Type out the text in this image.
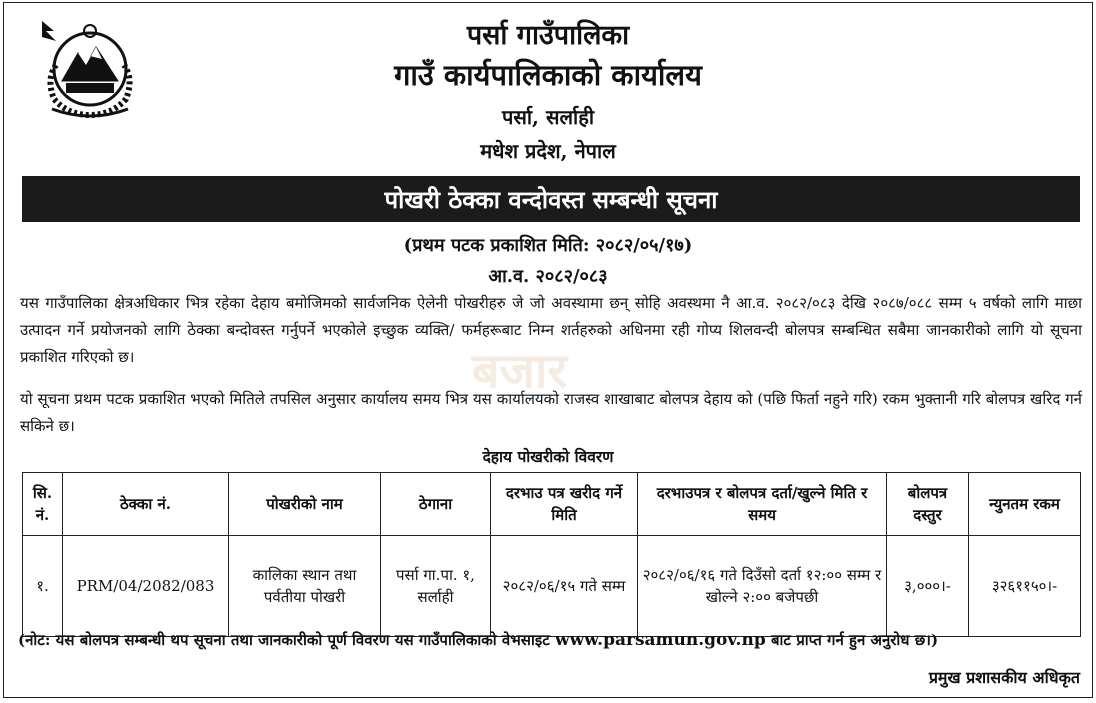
पर्सा गाउँपालिका
गाउँ कार्यपालिकाको कार्यालय
पर्सा, सर्लाही
मधेश प्रदेश, नेपाल
पोखरी ठेक्का वन्दोवस्त सम्बन्धी सूचना
(प्रथम पटक प्रकाशित मिति: २०८२/०५/१७)
आ.व. २०८२/०८३
बजार
यस गाउँपालिका क्षेत्रअधिकार भित्र रहेका देहाय बमोजिमको सार्वजनिक ऐलेनी पोखरीहरु जे जो अवस्थामा छन् सोहि अवस्थमा नै आ.व. २०८२/०८३ देखि २०८७/०८८ सम्म ५ वर्षको लागि माछा उत्पादन गर्ने प्रयोजनको लागि ठेक्का बन्दोवस्त गर्नुपर्ने भएकोले इच्छुक व्यक्ति/ फर्महरूबाट निम्न शर्तहरुको अधिनमा रही गोप्य शिलवन्दी बोलपत्र सम्बन्धित सबैमा जानकारीको लागि यो सूचना प्रकाशित गरिएको छ।
यो सूचना प्रथम पटक प्रकाशित भएको मितिले तपसिल अनुसार कार्यालय समय भित्र यस कार्यालयको राजस्व शाखाबाट बोलपत्र देहाय को (पछि फिर्ता नहुने गरि) रकम भुक्तानी गरि बोलपत्र खरिद गर्न सकिने छ।
देहाय पोखरीको विवरण
सि. नं.	ठेक्का नं.	पोखरीको नाम	ठेगाना	दरभाउ पत्र खरीद गर्ने मिति	दरभाउपत्र र बोलपत्र दर्ता/खुल्ने मिति र समय	बोलपत्र दस्तुर	न्युनतम रकम
१.	PRM/04/2082/083	कालिका स्थान तथा पर्वतीया पोखरी	पर्सा गा.पा. १, सर्लाही	२०८२/०६/१५ गते सम्म	२०८२/०६/१६ गते दिउँसो दर्ता १२:०० सम्म र खोल्ने २:०० बजेपछी	३,०००।-	३२६११५०।-
(नोट: यस बोलपत्र सम्बन्धी थप सूचना तथा जानकारीको पूर्ण विवरण यस गाउँपालिकाको वेभसाइट www.parsamun.gov.np बाट प्राप्त गर्न हुन अनुरोध छ।)
प्रमुख प्रशासकीय अधिकृत
